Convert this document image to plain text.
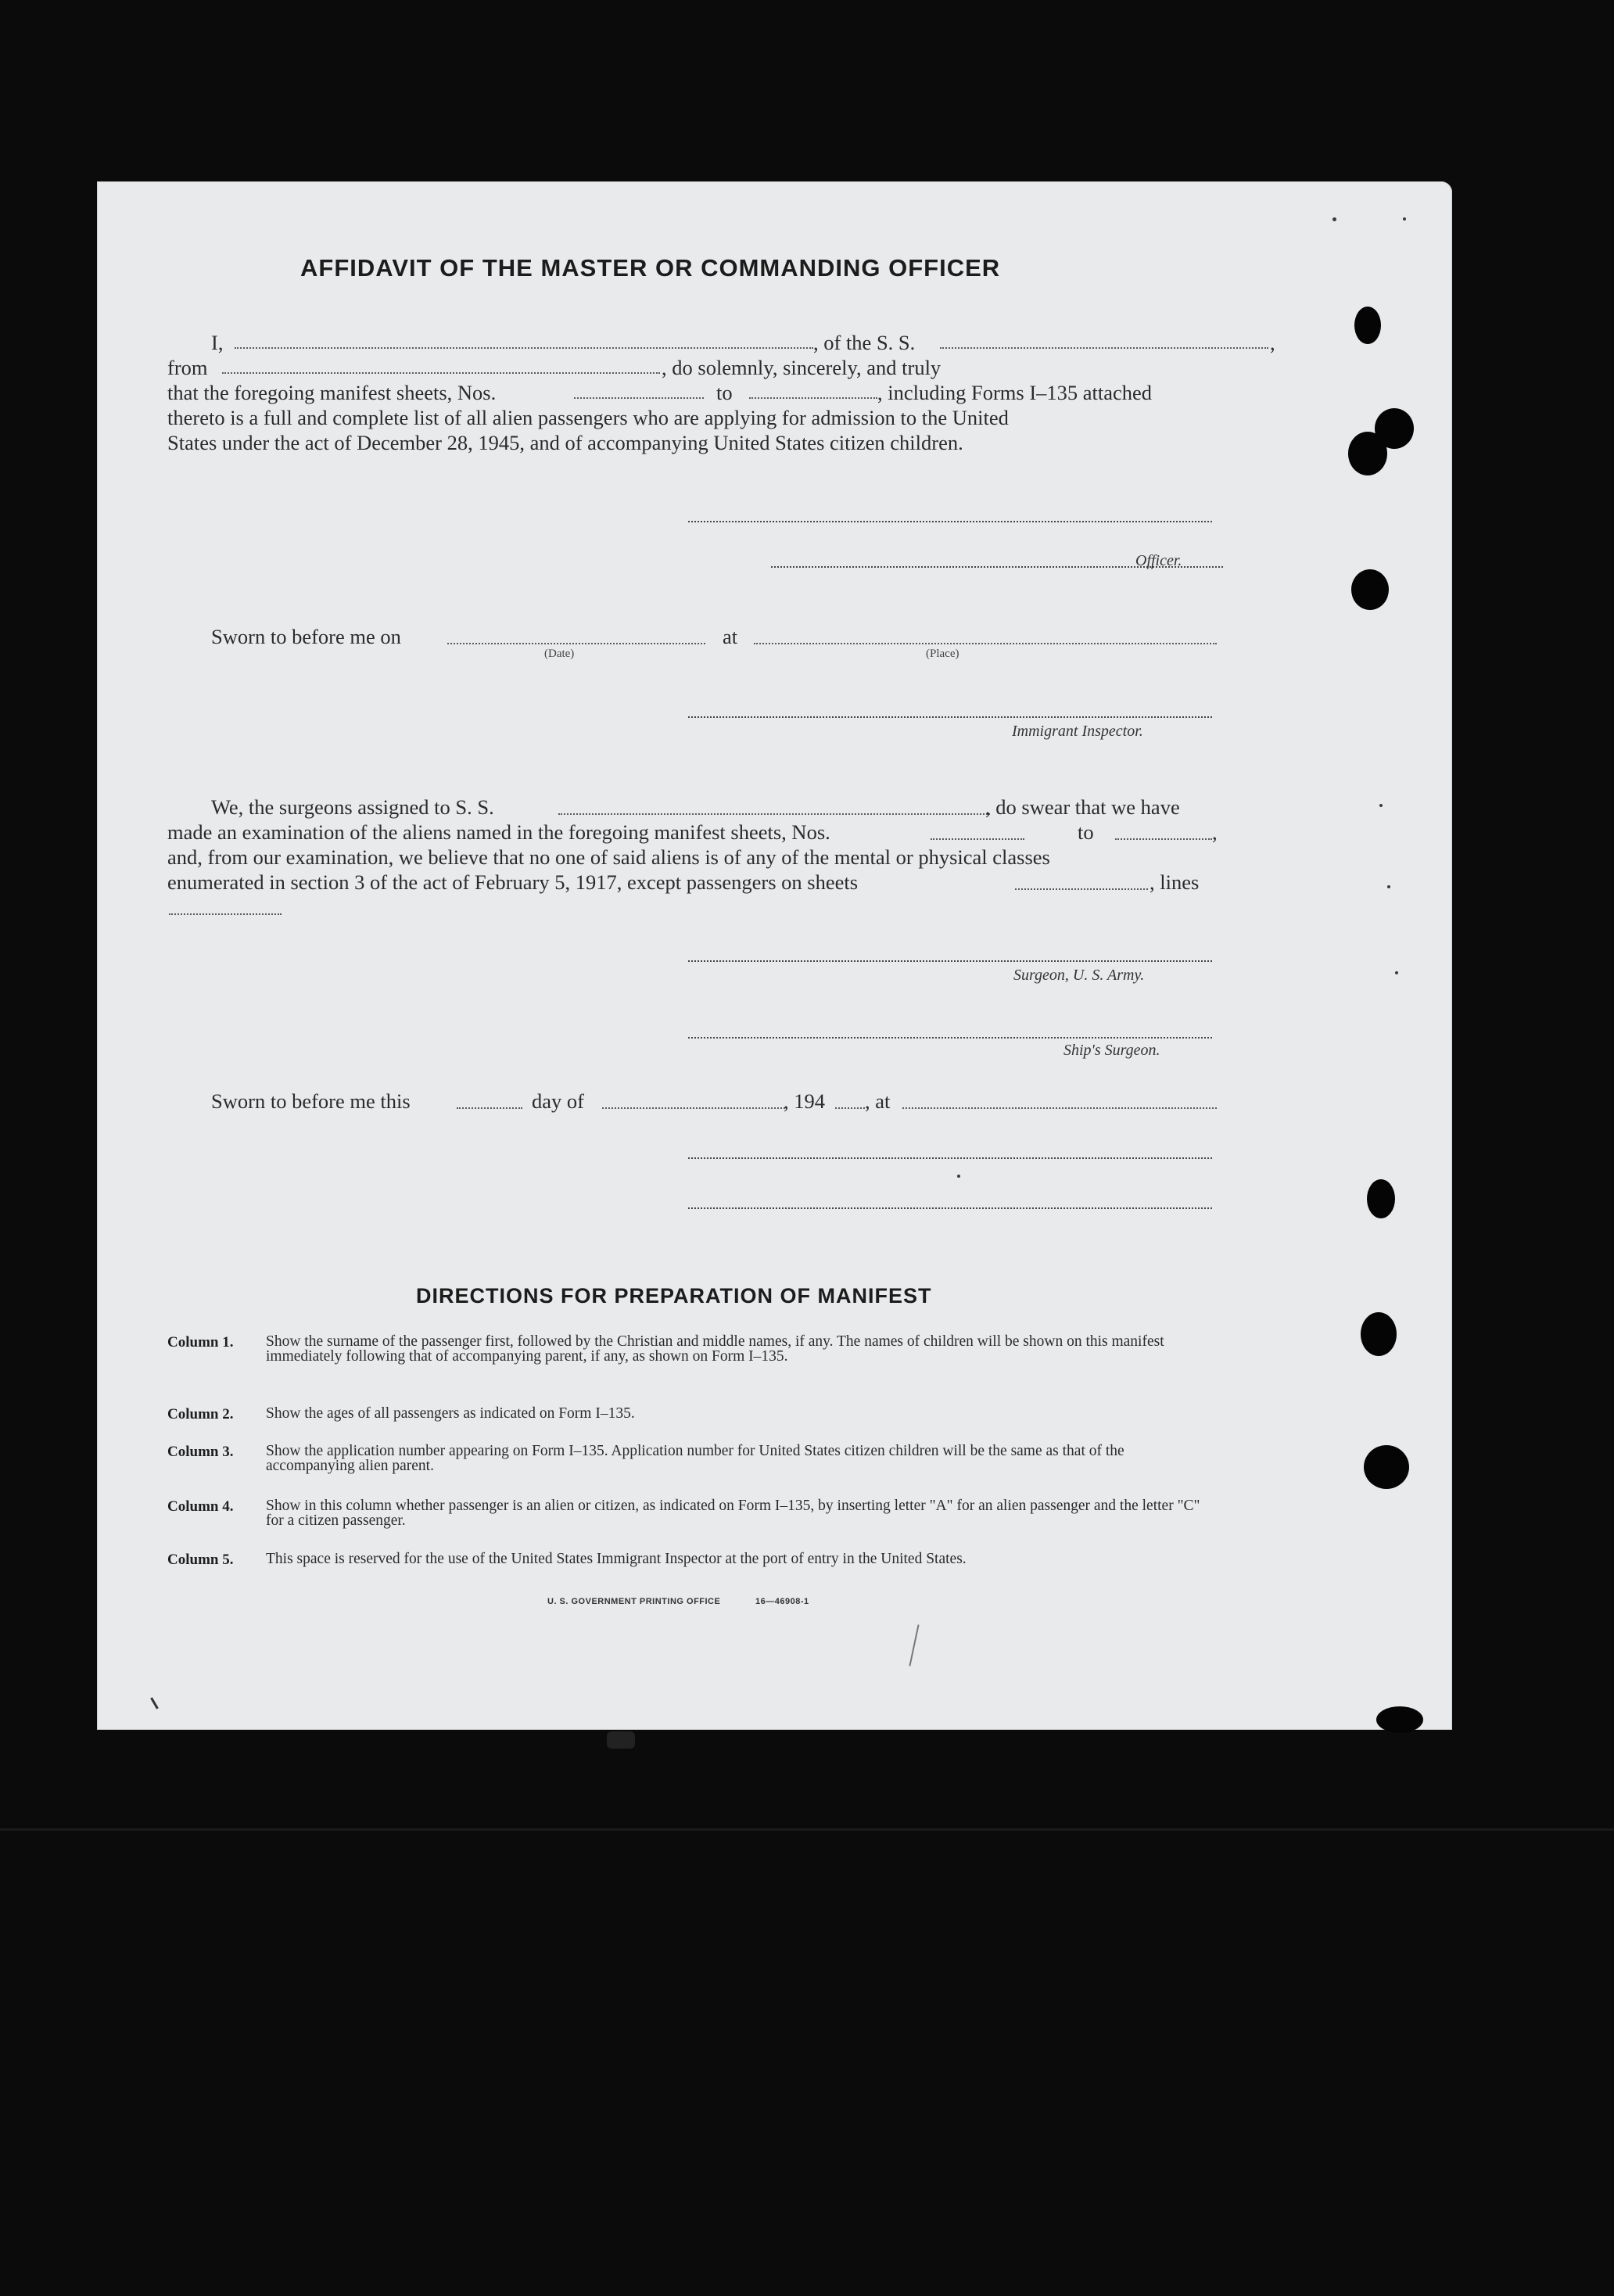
AFFIDAVIT OF THE MASTER OR COMMANDING OFFICER
I,	, of the S. S.	,
from	, do solemnly, sincerely, and truly
that the foregoing manifest sheets, Nos.	to	, including Forms I–135 attached
thereto is a full and complete list of all alien passengers who are applying for admission to the United
States under the act of December 28, 1945, and of accompanying United States citizen children.
Officer.
Sworn to before me on	at
(Date)	(Place)
Immigrant Inspector.
We, the surgeons assigned to S. S.	, do swear that we have
made an examination of the aliens named in the foregoing manifest sheets, Nos.	to	,
and, from our examination, we believe that no one of said aliens is of any of the mental or physical classes
enumerated in section 3 of the act of February 5, 1917, except passengers on sheets	, lines
Surgeon, U. S. Army.
Ship's Surgeon.
Sworn to before me this	day of	, 194 , at
DIRECTIONS FOR PREPARATION OF MANIFEST
Column 1. Show the surname of the passenger first, followed by the Christian and middle names, if any. The names of children will be shown on this manifest immediately following that of accompanying parent, if any, as shown on Form I–135.
Column 2. Show the ages of all passengers as indicated on Form I–135.
Column 3. Show the application number appearing on Form I–135. Application number for United States citizen children will be the same as that of the accompanying alien parent.
Column 4. Show in this column whether passenger is an alien or citizen, as indicated on Form I–135, by inserting letter "A" for an alien passenger and the letter "C" for a citizen passenger.
Column 5. This space is reserved for the use of the United States Immigrant Inspector at the port of entry in the United States.
U. S. GOVERNMENT PRINTING OFFICE	16—46908-1
